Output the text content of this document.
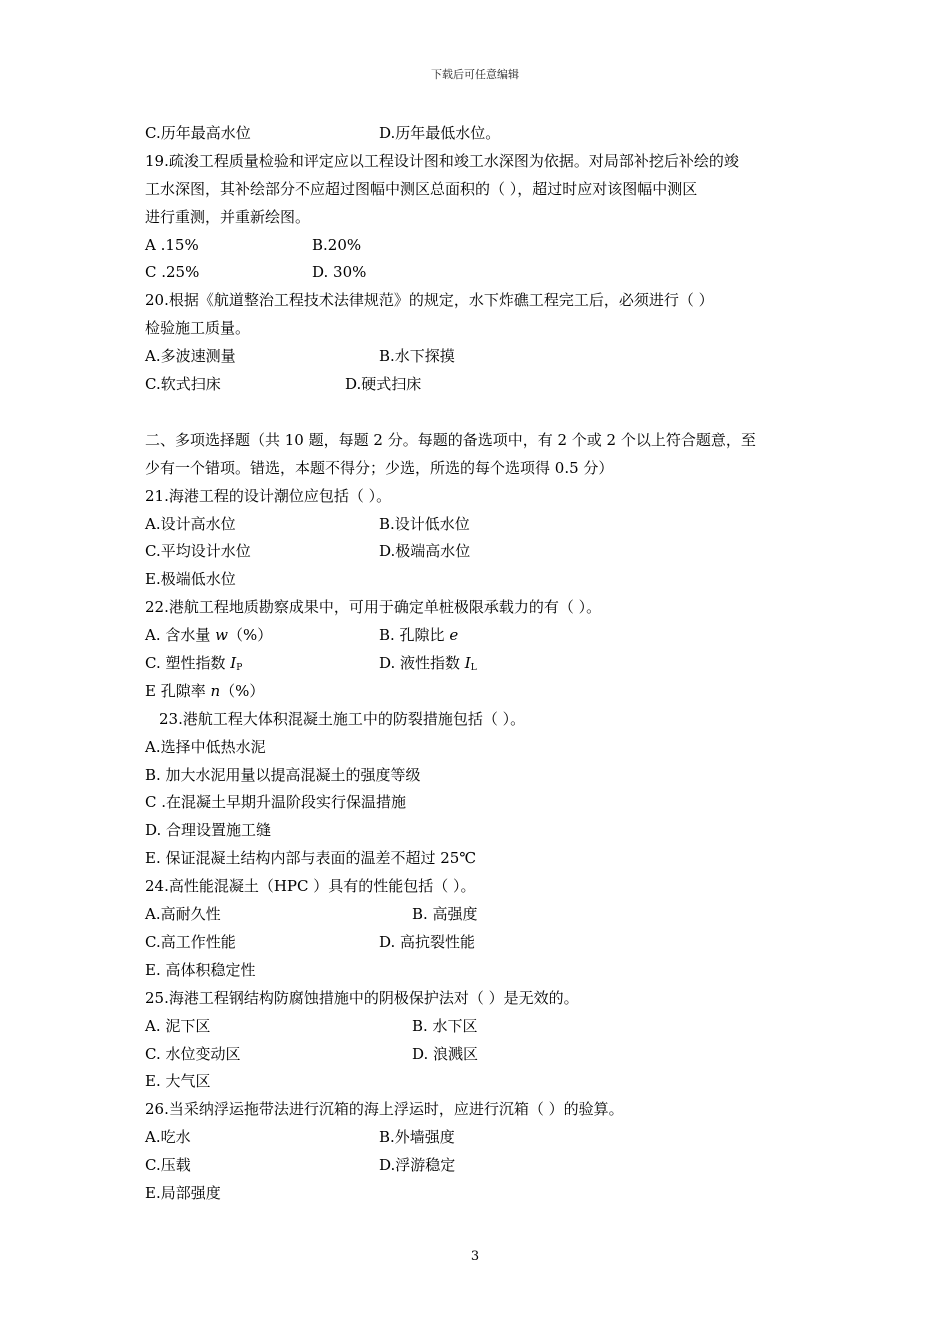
下载后可任意编辑
C.历年最高水位	D.历年最低水位。
19.疏浚工程质量检验和评定应以工程设计图和竣工水深图为依据。对局部补挖后补绘的竣
工水深图，其补绘部分不应超过图幅中测区总面积的（ ），超过时应对该图幅中测区
进行重测，并重新绘图。
A .15%	B.20%
C .25%	D. 30%
20.根据《航道整治工程技术法律规范》的规定，水下炸礁工程完工后，必须进行（ ）
检验施工质量。
A.多波速测量	B.水下探摸
C.软式扫床	D.硬式扫床
二、多项选择题（共 10 题，每题 2 分。每题的备选项中，有 2 个或 2 个以上符合题意，至
少有一个错项。错选，本题不得分；少选，所选的每个选项得 0.5 分）
21.海港工程的设计潮位应包括（ ）。
A.设计高水位	B.设计低水位
C.平均设计水位	D.极端高水位
E.极端低水位
22.港航工程地质勘察成果中，可用于确定单桩极限承载力的有（ ）。
A. 含水量 w（%）	B. 孔隙比 e
C. 塑性指数 $I_P$	D. 液性指数 $I_L$
E 孔隙率 n（%）
23.港航工程大体积混凝土施工中的防裂措施包括（ ）。
A.选择中低热水泥
B. 加大水泥用量以提高混凝土的强度等级
C .在混凝土早期升温阶段实行保温措施
D. 合理设置施工缝
E. 保证混凝土结构内部与表面的温差不超过 25℃
24.高性能混凝土（HPC ）具有的性能包括（ ）。
A.高耐久性	B. 高强度
C.高工作性能	D. 高抗裂性能
E. 高体积稳定性
25.海港工程钢结构防腐蚀措施中的阴极保护法对（ ）是无效的。
A. 泥下区	B. 水下区
C. 水位变动区	D. 浪溅区
E. 大气区
26.当采纳浮运拖带法进行沉箱的海上浮运时，应进行沉箱（ ）的验算。
A.吃水	B.外墙强度
C.压载	D.浮游稳定
E.局部强度
3
